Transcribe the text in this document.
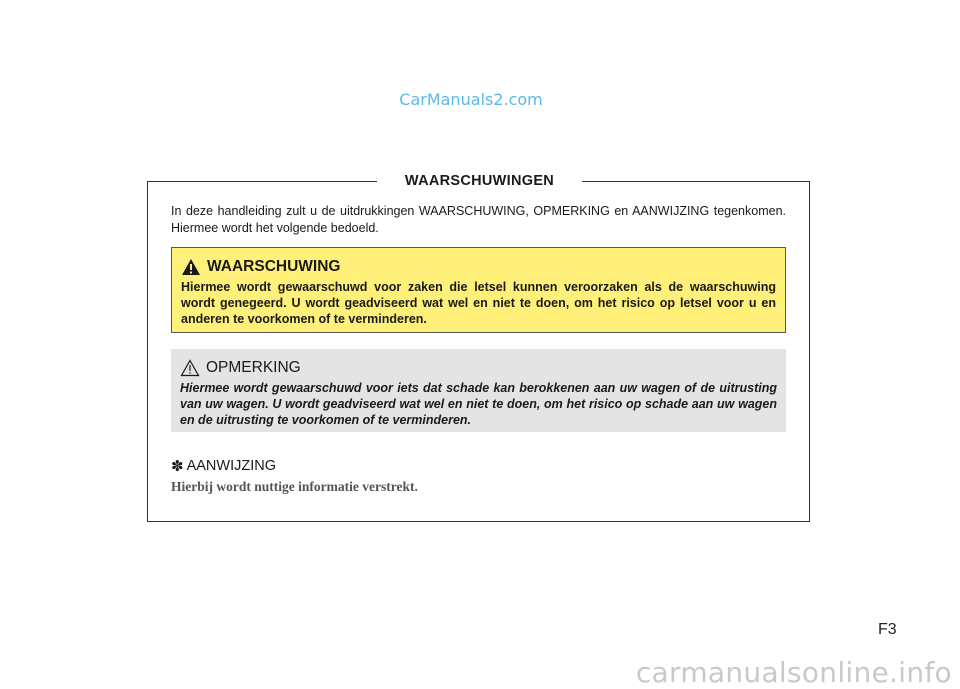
CarManuals2.com
WAARSCHUWINGEN
In deze handleiding zult u de uitdrukkingen WAARSCHUWING, OPMERKING en AANWIJZING tegenkomen. Hiermee wordt het volgende bedoeld.
WAARSCHUWING
Hiermee wordt gewaarschuwd voor zaken die letsel kunnen veroorzaken als de waarschuwing wordt genegeerd. U wordt geadviseerd wat wel en niet te doen, om het risico op letsel voor u en anderen te voorkomen of te verminderen.
OPMERKING
Hiermee wordt gewaarschuwd voor iets dat schade kan berokkenen aan uw wagen of de uitrusting van uw wagen. U wordt geadviseerd wat wel en niet te doen, om het risico op schade aan uw wagen en de uitrusting te voorkomen of te verminderen.
✽ AANWIJZING
Hierbij wordt nuttige informatie verstrekt.
F3
carmanualsonline.info
